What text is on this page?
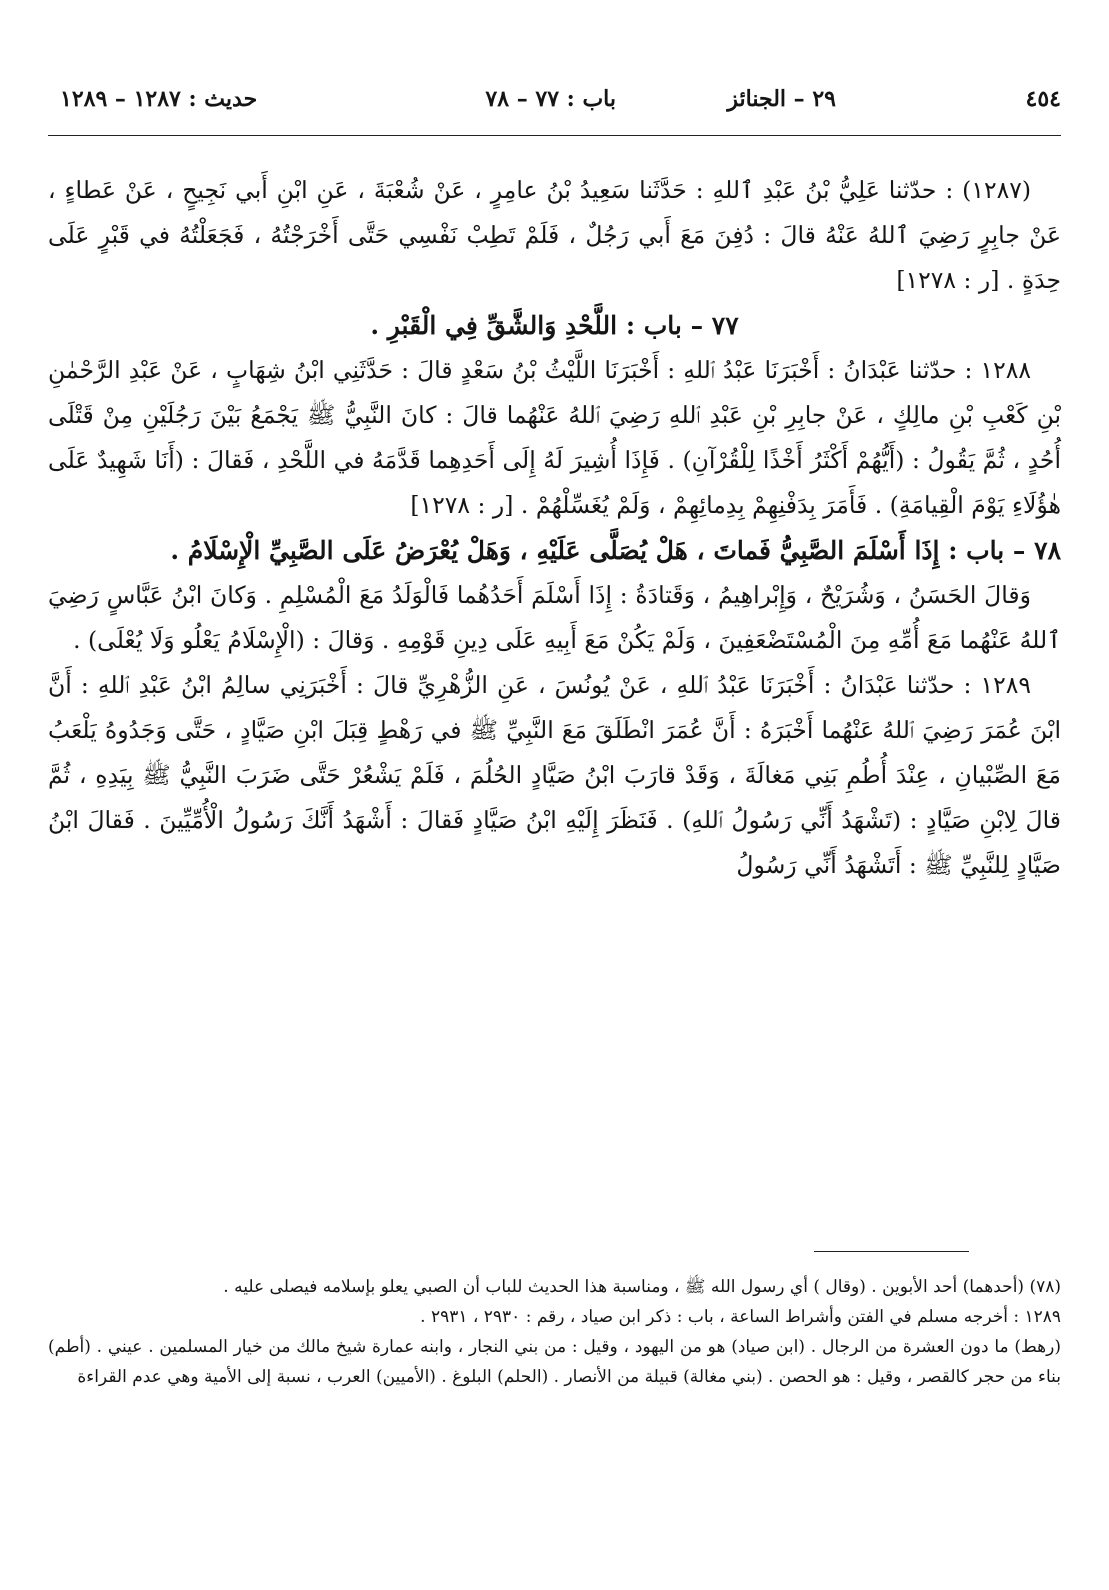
٤٥٤
٢٩ – الجنائز
باب : ٧٧ – ٧٨
حديث : ١٢٨٧ – ١٢٨٩

(١٢٨٧) : حدّثنا عَلِيُّ بْنُ عَبْدِ ٱللهِ : حَدَّثَنا سَعِيدُ بْنُ عامِرٍ ، عَنْ شُعْبَةَ ، عَنِ ابْنِ أَبي نَجِيحٍ ، عَنْ عَطاءٍ ، عَنْ جابِرٍ رَضِيَ ٱللهُ عَنْهُ قالَ : دُفِنَ مَعَ أَبي رَجُلٌ ، فَلَمْ تَطِبْ نَفْسِي حَتَّى أَخْرَجْتُهُ ، فَجَعَلْتُهُ في قَبْرٍ عَلَى حِدَةٍ . [ر : ١٢٧٨]

٧٧ – باب : اللَّحْدِ وَالشَّقِّ فِي الْقَبْرِ .

١٢٨٨ : حدّثنا عَبْدَانُ : أَخْبَرَنَا عَبْدُ ٱللهِ : أَخْبَرَنَا اللَّيْثُ بْنُ سَعْدٍ قالَ : حَدَّثَنِي ابْنُ شِهَابٍ ، عَنْ عَبْدِ الرَّحْمٰنِ بْنِ كَعْبِ بْنِ مالِكٍ ، عَنْ جابِرِ بْنِ عَبْدِ ٱللهِ رَضِيَ ٱللهُ عَنْهُما قالَ : كانَ النَّبِيُّ ﷺ يَجْمَعُ بَيْنَ رَجُلَيْنِ مِنْ قَتْلَى أُحُدٍ ، ثُمَّ يَقُولُ : (أَيُّهُمْ أَكْثَرُ أَخْذًا لِلْقُرْآنِ) . فَإِذَا أُشِيرَ لَهُ إِلَى أَحَدِهِما قَدَّمَهُ في اللَّحْدِ ، فَقالَ : (أَنَا شَهِيدٌ عَلَى هٰؤُلَاءِ يَوْمَ الْقِيامَةِ) . فَأَمَرَ بِدَفْنِهِمْ بِدِمائِهِمْ ، وَلَمْ يُغَسِّلْهُمْ . [ر : ١٢٧٨]

٧٨ – باب : إِذَا أَسْلَمَ الصَّبِيُّ فَماتَ ، هَلْ يُصَلَّى عَلَيْهِ ، وَهَلْ يُعْرَضُ عَلَى الصَّبِيِّ الْإِسْلَامُ .

وَقالَ الحَسَنُ ، وَشُرَيْحٌ ، وَإِبْراهِيمُ ، وَقَتادَةُ : إِذَا أَسْلَمَ أَحَدُهُما فَالْوَلَدُ مَعَ الْمُسْلِمِ . وَكانَ ابْنُ عَبَّاسٍ رَضِيَ ٱللهُ عَنْهُما مَعَ أُمِّهِ مِنَ الْمُسْتَضْعَفِينَ ، وَلَمْ يَكُنْ مَعَ أَبِيهِ عَلَى دِينِ قَوْمِهِ . وَقالَ : (الْإِسْلَامُ يَعْلُو وَلَا يُعْلَى) .

١٢٨٩ : حدّثنا عَبْدَانُ : أَخْبَرَنَا عَبْدُ ٱللهِ ، عَنْ يُونُسَ ، عَنِ الزُّهْرِيِّ قالَ : أَخْبَرَنِي سالِمُ ابْنُ عَبْدِ ٱللهِ : أَنَّ ابْنَ عُمَرَ رَضِيَ ٱللهُ عَنْهُما أَخْبَرَهُ : أَنَّ عُمَرَ انْطَلَقَ مَعَ النَّبِيِّ ﷺ في رَهْطٍ قِبَلَ ابْنِ صَيَّادٍ ، حَتَّى وَجَدُوهُ يَلْعَبُ مَعَ الصِّبْيانِ ، عِنْدَ أُطُمِ بَنِي مَغالَةَ ، وَقَدْ قارَبَ ابْنُ صَيَّادٍ الحُلُمَ ، فَلَمْ يَشْعُرْ حَتَّى ضَرَبَ النَّبِيُّ ﷺ بِيَدِهِ ، ثُمَّ قالَ لِابْنِ صَيَّادٍ : (تَشْهَدُ أَنِّي رَسُولُ ٱللهِ) . فَنَظَرَ إِلَيْهِ ابْنُ صَيَّادٍ فَقالَ : أَشْهَدُ أَنَّكَ رَسُولُ الْأُمِّيِّينَ . فَقالَ ابْنُ صَيَّادٍ لِلنَّبِيِّ ﷺ : أَتَشْهَدُ أَنِّي رَسُولُ

(٧٨) (أحدهما) أحد الأبوين . (وقال ) أي رسول الله ﷺ ، ومناسبة هذا الحديث للباب أن الصبي يعلو بإسلامه فيصلى عليه .

١٢٨٩ : أخرجه مسلم في الفتن وأشراط الساعة ، باب : ذكر ابن صياد ، رقم : ٢٩٣٠ ، ٢٩٣١ .

(رهط) ما دون العشرة من الرجال . (ابن صياد) هو من اليهود ، وقيل : من بني النجار ، وابنه عمارة شيخ مالك من خيار المسلمين . عيني . (أطم) بناء من حجر كالقصر ، وقيل : هو الحصن . (بني مغالة) قبيلة من الأنصار . (الحلم) البلوغ . (الأميين) العرب ، نسبة إلى الأمية وهي عدم القراءة
